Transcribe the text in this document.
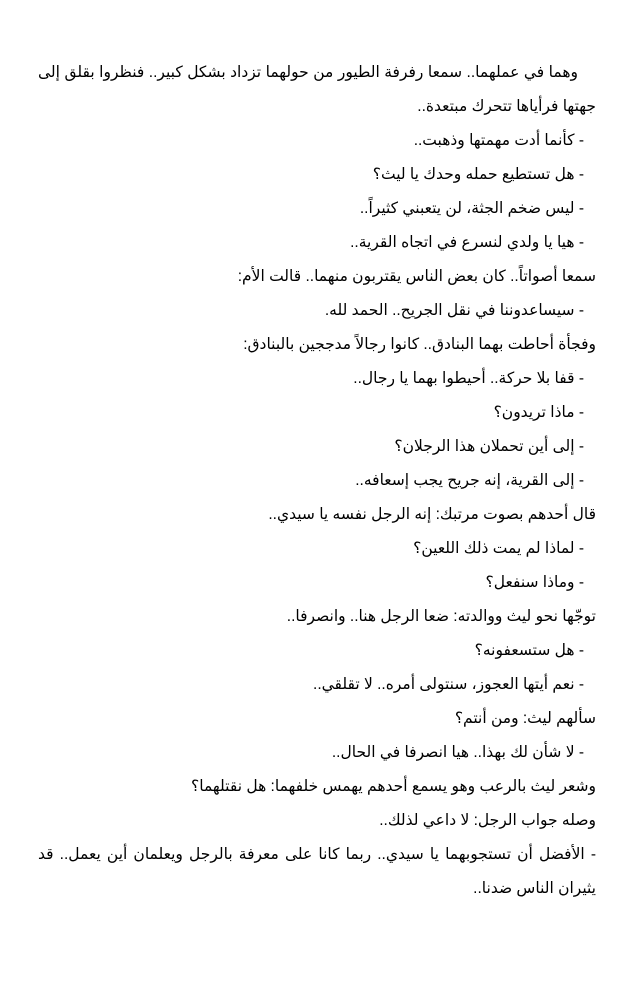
وهما في عملهما.. سمعا رفرفة الطيور من حولهما تزداد بشكل كبير.. فنظروا بقلق إلى جهتها فرأياها تتحرك مبتعدة..

- كأنما أدت مهمتها وذهبت..

- هل تستطيع حمله وحدك يا ليث؟

- ليس ضخم الجثة، لن يتعبني كثيراً..

- هيا يا ولدي لنسرع في اتجاه القرية..

سمعا أصواتاً.. كان بعض الناس يقتربون منهما.. قالت الأم:

- سيساعدوننا في نقل الجريح.. الحمد لله.

وفجأة أحاطت بهما البنادق.. كانوا رجالاً مدججين بالبنادق:

- قفا بلا حركة.. أحيطوا بهما يا رجال..

- ماذا تريدون؟

- إلى أين تحملان هذا الرجلان؟

- إلى القرية، إنه جريح يجب إسعافه..

قال أحدهم بصوت مرتبك: إنه الرجل نفسه يا سيدي..

- لماذا لم يمت ذلك اللعين؟

- وماذا سنفعل؟

توجّها نحو ليث ووالدته: ضعا الرجل هنا.. وانصرفا..

- هل ستسعفونه؟

- نعم أيتها العجوز، سنتولى أمره.. لا تقلقي..

سألهم ليث: ومن أنتم؟

- لا شأن لك بهذا.. هيا انصرفا في الحال..

وشعر ليث بالرعب وهو يسمع أحدهم يهمس خلفهما: هل نقتلهما؟

وصله جواب الرجل: لا داعي لذلك..

- الأفضل أن تستجوبهما يا سيدي.. ربما كانا على معرفة بالرجل ويعلمان أين يعمل.. قد يثيران الناس ضدنا..
